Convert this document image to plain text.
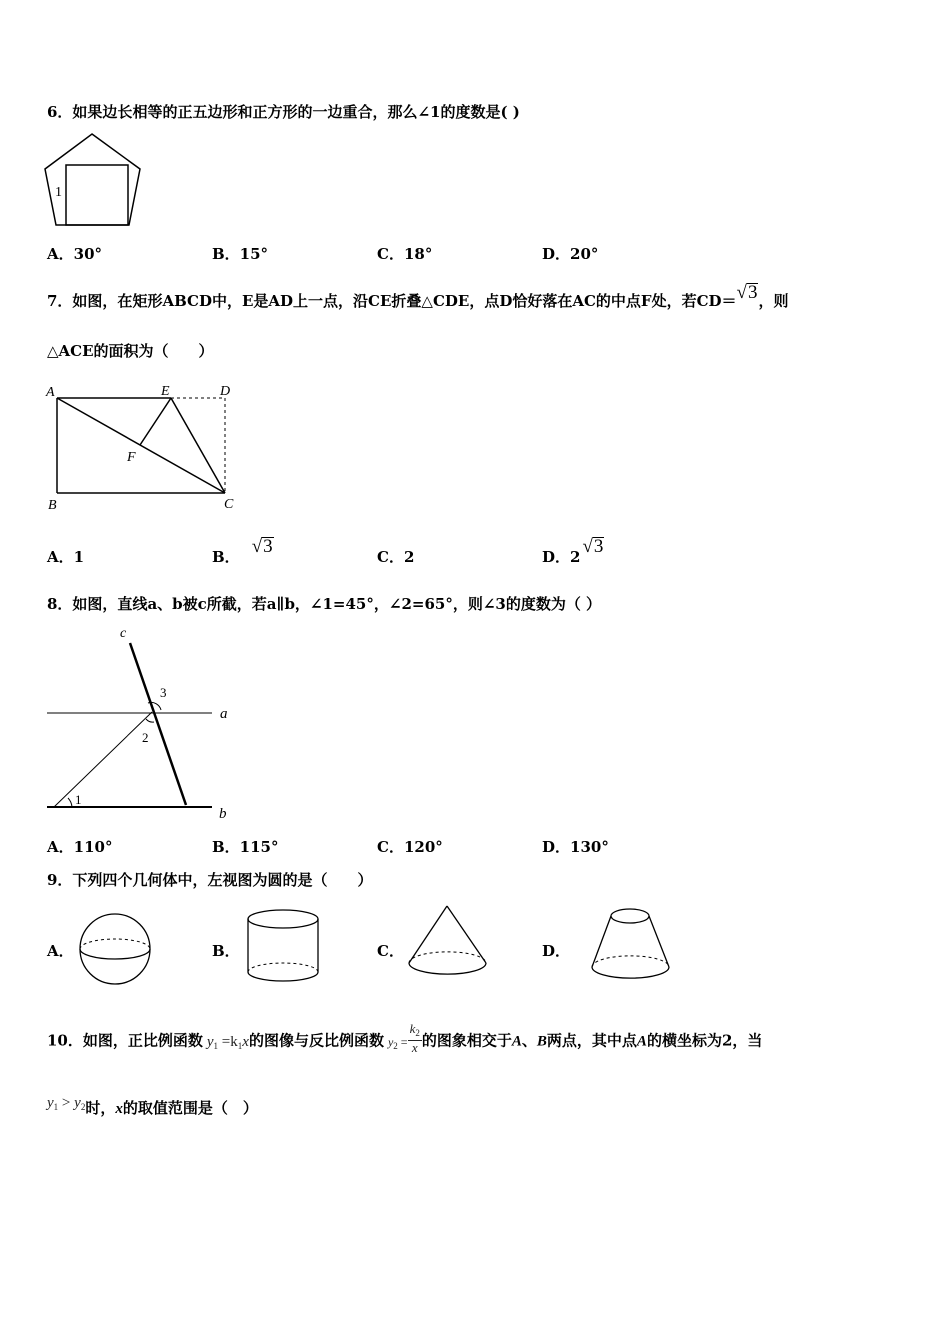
6．如果边长相等的正五边形和正方形的一边重合，那么∠1的度数是( )
1
A．30°	B．15°	C．18°	D．20°
7．如图，在矩形ABCD中，E是AD上一点，沿CE折叠△CDE，点D恰好落在AC的中点F处，若CD＝√3，则
△ACE的面积为（　　）
A	E	D
F
B	C
A．1	B． √3	C．2	D．2 √3
8．如图，直线a、b被c所截，若a∥b，∠1=45°，∠2=65°，则∠3的度数为（ ）
c
a
b
3
2
1
A．110°	B．115°	C．120°	D．130°
9．下列四个几何体中，左视图为圆的是（　　）
A．	B．	C．	D．
10．如图，正比例函数 $y_1 =k_1x$的图像与反比例函数 $y_2 = \frac{k_2}{x}$ 的图象相交于A、B两点，其中点A的横坐标为2，当
$y_1 > y_2$时，x的取值范围是（　）
